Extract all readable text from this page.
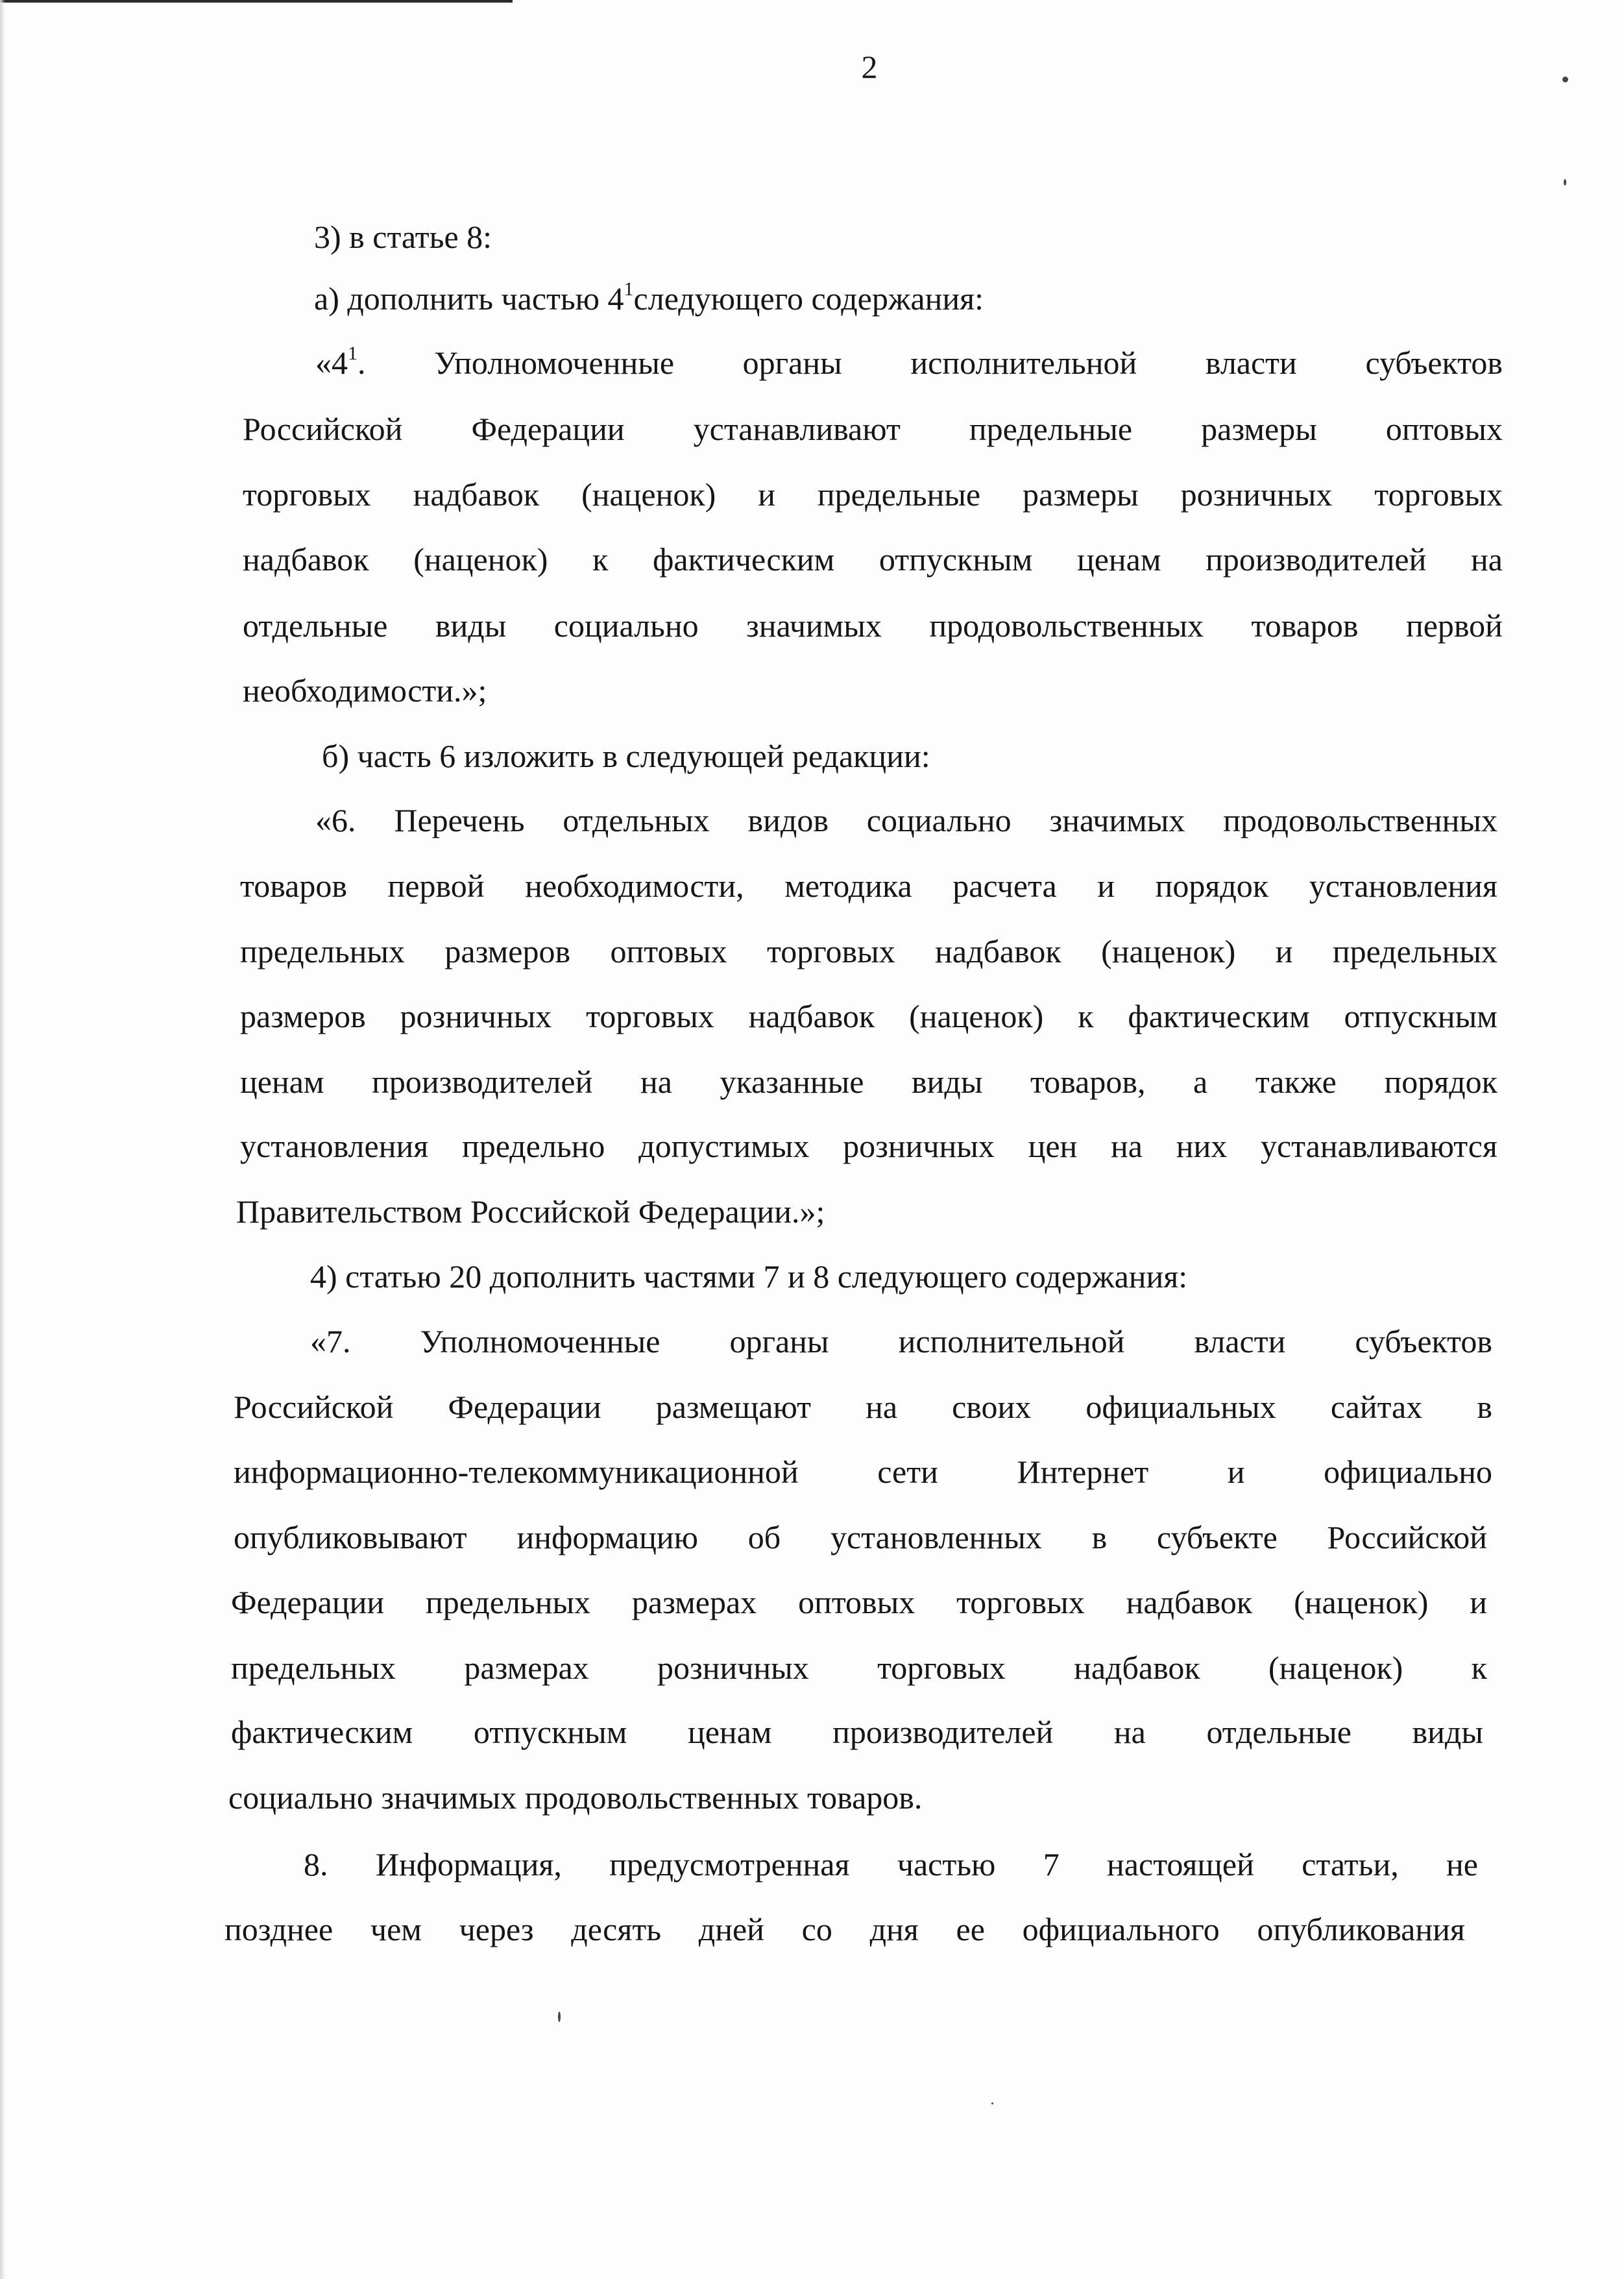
2
3) в статье 8:
а) дополнить частью $4^1следующего$ содержания:
«$4^1$. Уполномоченные органы исполнительной власти субъектов
Российской Федерации устанавливают предельные размеры оптовых
торговых надбавок (наценок) и предельные размеры розничных торговых
надбавок (наценок) к фактическим отпускным ценам производителей на
отдельные виды социально значимых продовольственных товаров первой
необходимости.»;
б) часть 6 изложить в следующей редакции:
«6. Перечень отдельных видов социально значимых продовольственных
товаров первой необходимости, методика расчета и порядок установления
предельных размеров оптовых торговых надбавок (наценок) и предельных
размеров розничных торговых надбавок (наценок) к фактическим отпускным
ценам производителей на указанные виды товаров, а также порядок
установления предельно допустимых розничных цен на них устанавливаются
Правительством Российской Федерации.»;
4) статью 20 дополнить частями 7 и 8 следующего содержания:
«7. Уполномоченные органы исполнительной власти субъектов
Российской Федерации размещают на своих официальных сайтах в
информационно-телекоммуникационной сети Интернет и официально
опубликовывают информацию об установленных в субъекте Российской
Федерации предельных размерах оптовых торговых надбавок (наценок) и
предельных размерах розничных торговых надбавок (наценок) к
фактическим отпускным ценам производителей на отдельные виды
социально значимых продовольственных товаров.
8. Информация, предусмотренная частью 7 настоящей статьи, не
позднее чем через десять дней со дня ее официального опубликования
